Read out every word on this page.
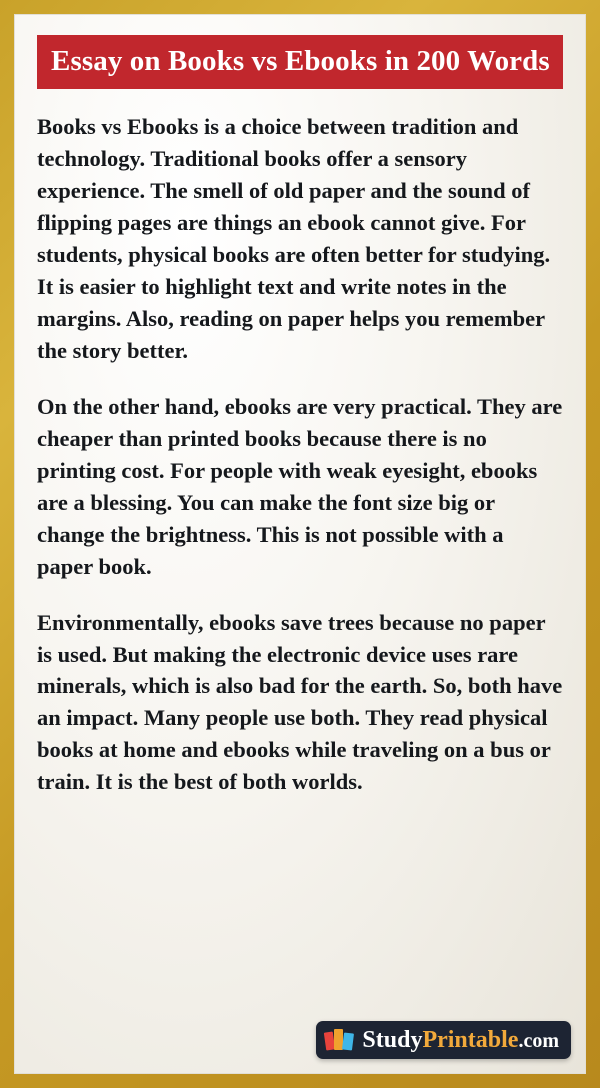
Essay on Books vs Ebooks in 200 Words

Books vs Ebooks is a choice between tradition and technology. Traditional books offer a sensory experience. The smell of old paper and the sound of flipping pages are things an ebook cannot give. For students, physical books are often better for studying. It is easier to highlight text and write notes in the margins. Also, reading on paper helps you remember the story better.

On the other hand, ebooks are very practical. They are cheaper than printed books because there is no printing cost. For people with weak eyesight, ebooks are a blessing. You can make the font size big or change the brightness. This is not possible with a paper book.

Environmentally, ebooks save trees because no paper is used. But making the electronic device uses rare minerals, which is also bad for the earth. So, both have an impact. Many people use both. They read physical books at home and ebooks while traveling on a bus or train. It is the best of both worlds.

StudyPrintable.com
